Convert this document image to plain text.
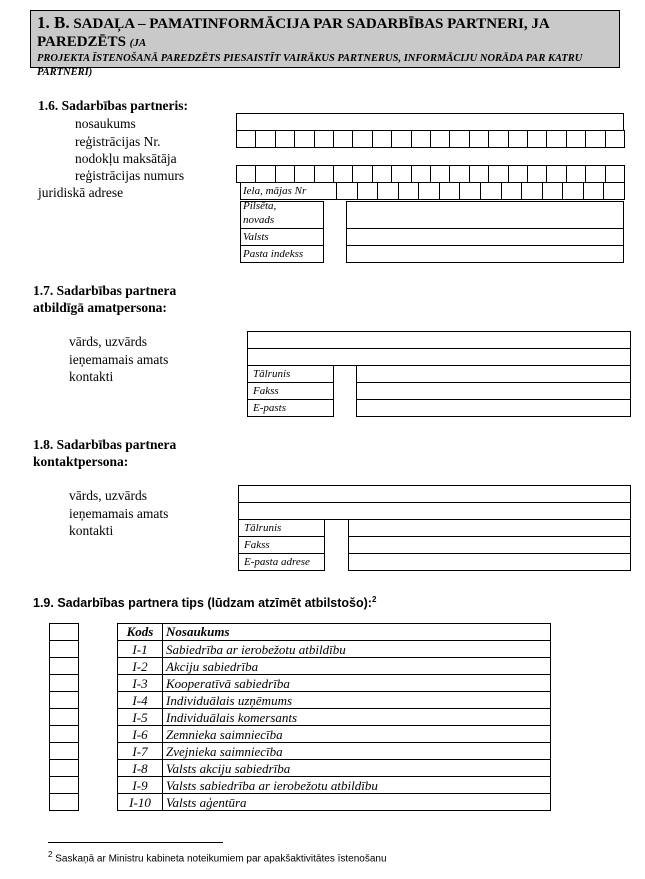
1. B. SADAĻA – PAMATINFORMĀCIJA PAR SADARBĪBAS PARTNERI, JA PAREDZĒTS (JA
PROJEKTA ĪSTENOŠANĀ PAREDZĒTS PIESAISTĪT VAIRĀKUS PARTNERUS, INFORMĀCIJU NORĀDA PAR KATRU PARTNERI)
1.6. Sadarbības partneris:
nosaukums
reģistrācijas Nr.
nodokļu maksātāja
reģistrācijas numurs
juridiskā adrese	Iela, mājas Nr
Pilsēta,
novads
Valsts
Pasta indekss
1.7. Sadarbības partnera
atbildīgā amatpersona:
vārds, uzvārds
ieņemamais amats
kontakti	Tālrunis
Fakss
E-pasts
1.8. Sadarbības partnera
kontaktpersona:
vārds, uzvārds
ieņemamais amats
kontakti	Tālrunis
Fakss
E-pasta adrese
1.9. Sadarbības partnera tips (lūdzam atzīmēt atbilstošo):$^2$

Kods	Nosaukums
I-1	Sabiedrība ar ierobežotu atbildību
I-2	Akciju sabiedrība
I-3	Kooperatīvā sabiedrība
I-4	Individuālais uzņēmums
I-5	Individuālais komersants
I-6	Zemnieka saimniecība
I-7	Zvejnieka saimniecība
I-8	Valsts akciju sabiedrība
I-9	Valsts sabiedrība ar ierobežotu atbildību
I-10	Valsts aģentūra
$^2$ Saskaņā ar Ministru kabineta noteikumiem par apakšaktivitātes īstenošanu
